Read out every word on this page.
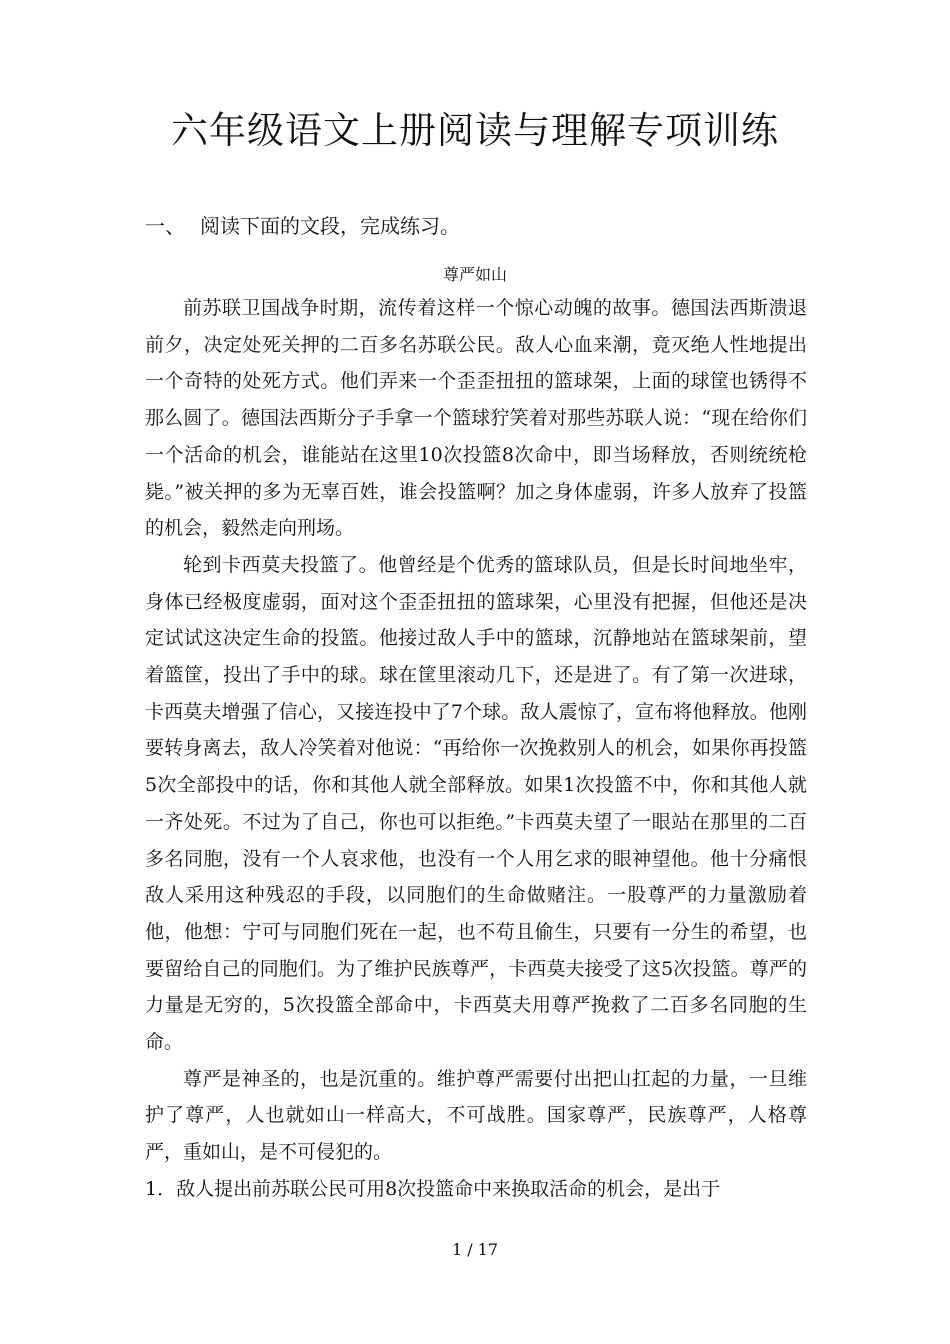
六年级语文上册阅读与理解专项训练
一、 阅读下面的文段，完成练习。
尊严如山

前苏联卫国战争时期，流传着这样一个惊心动魄的故事。德国法西斯溃退前夕，决定处死关押的二百多名苏联公民。敌人心血来潮，竟灭绝人性地提出一个奇特的处死方式。他们弄来一个歪歪扭扭的篮球架，上面的球筐也锈得不那么圆了。德国法西斯分子手拿一个篮球狞笑着对那些苏联人说：“现在给你们一个活命的机会，谁能站在这里10次投篮8次命中，即当场释放，否则统统枪毙。”被关押的多为无辜百姓，谁会投篮啊？加之身体虚弱，许多人放弃了投篮的机会，毅然走向刑场。

轮到卡西莫夫投篮了。他曾经是个优秀的篮球队员，但是长时间地坐牢，身体已经极度虚弱，面对这个歪歪扭扭的篮球架，心里没有把握，但他还是决定试试这决定生命的投篮。他接过敌人手中的篮球，沉静地站在篮球架前，望着篮筐，投出了手中的球。球在筐里滚动几下，还是进了。有了第一次进球，卡西莫夫增强了信心，又接连投中了7个球。敌人震惊了，宣布将他释放。他刚要转身离去，敌人冷笑着对他说：“再给你一次挽救别人的机会，如果你再投篮5次全部投中的话，你和其他人就全部释放。如果1次投篮不中，你和其他人就一齐处死。不过为了自己，你也可以拒绝。”卡西莫夫望了一眼站在那里的二百多名同胞，没有一个人哀求他，也没有一个人用乞求的眼神望他。他十分痛恨敌人采用这种残忍的手段，以同胞们的生命做赌注。一股尊严的力量激励着他，他想：宁可与同胞们死在一起，也不苟且偷生，只要有一分生的希望，也要留给自己的同胞们。为了维护民族尊严，卡西莫夫接受了这5次投篮。尊严的力量是无穷的，5次投篮全部命中，卡西莫夫用尊严挽救了二百多名同胞的生命。

尊严是神圣的，也是沉重的。维护尊严需要付出把山扛起的力量，一旦维护了尊严，人也就如山一样高大，不可战胜。国家尊严，民族尊严，人格尊严，重如山，是不可侵犯的。

1．敌人提出前苏联公民可用8次投篮命中来换取活命的机会，是出于

1 / 17
